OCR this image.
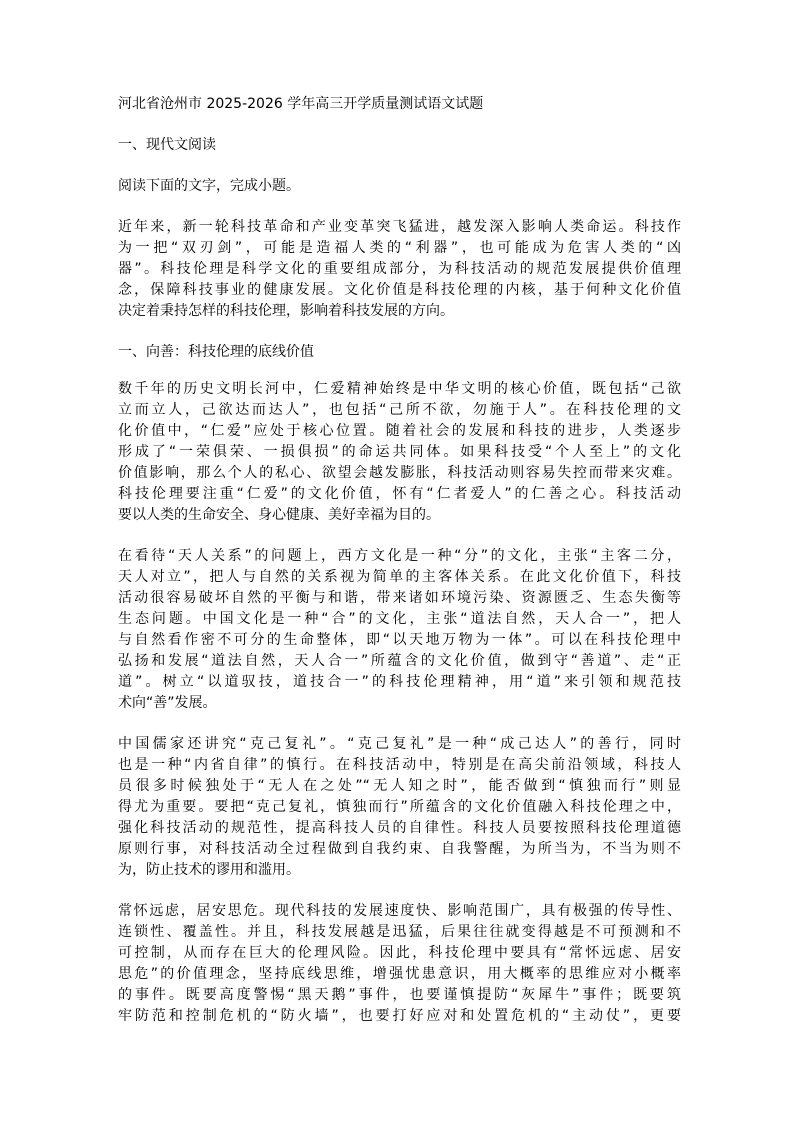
河北省沧州市 2025-2026 学年高三开学质量测试语文试题
一、现代文阅读
阅读下面的文字，完成小题。
近年来，新一轮科技革命和产业变革突飞猛进，越发深入影响人类命运。科技作
为一把“双刃剑”，可能是造福人类的“利器”，也可能成为危害人类的“凶
器”。科技伦理是科学文化的重要组成部分，为科技活动的规范发展提供价值理
念，保障科技事业的健康发展。文化价值是科技伦理的内核，基于何种文化价值
决定着秉持怎样的科技伦理，影响着科技发展的方向。
一、向善：科技伦理的底线价值
数千年的历史文明长河中，仁爱精神始终是中华文明的核心价值，既包括“己欲
立而立人，己欲达而达人”，也包括“己所不欲，勿施于人”。在科技伦理的文
化价值中，“仁爱”应处于核心位置。随着社会的发展和科技的进步，人类逐步
形成了“一荣俱荣、一损俱损”的命运共同体。如果科技受“个人至上”的文化
价值影响，那么个人的私心、欲望会越发膨胀，科技活动则容易失控而带来灾难。
科技伦理要注重“仁爱”的文化价值，怀有“仁者爱人”的仁善之心。科技活动
要以人类的生命安全、身心健康、美好幸福为目的。
在看待“天人关系”的问题上，西方文化是一种“分”的文化，主张“主客二分，
天人对立”，把人与自然的关系视为简单的主客体关系。在此文化价值下，科技
活动很容易破坏自然的平衡与和谐，带来诸如环境污染、资源匮乏、生态失衡等
生态问题。中国文化是一种“合”的文化，主张“道法自然，天人合一”，把人
与自然看作密不可分的生命整体，即“以天地万物为一体”。可以在科技伦理中
弘扬和发展“道法自然，天人合一”所蕴含的文化价值，做到守“善道”、走“正
道”。树立“以道驭技，道技合一”的科技伦理精神，用“道”来引领和规范技
术向“善”发展。
中国儒家还讲究“克己复礼”。“克己复礼”是一种“成己达人”的善行，同时
也是一种“内省自律”的慎行。在科技活动中，特别是在高尖前沿领域，科技人
员很多时候独处于“无人在之处”“无人知之时”，能否做到“慎独而行”则显
得尤为重要。要把“克己复礼，慎独而行”所蕴含的文化价值融入科技伦理之中，
强化科技活动的规范性，提高科技人员的自律性。科技人员要按照科技伦理道德
原则行事，对科技活动全过程做到自我约束、自我警醒，为所当为，不当为则不
为，防止技术的谬用和滥用。
常怀远虑，居安思危。现代科技的发展速度快、影响范围广，具有极强的传导性、
连锁性、覆盖性。并且，科技发展越是迅猛，后果往往就变得越是不可预测和不
可控制，从而存在巨大的伦理风险。因此，科技伦理中要具有“常怀远虑、居安
思危”的价值理念，坚持底线思维，增强忧患意识，用大概率的思维应对小概率
的事件。既要高度警惕“黑天鹅”事件，也要谨慎提防“灰犀牛”事件；既要筑
牢防范和控制危机的“防火墙”，也要打好应对和处置危机的“主动仗”，更要
